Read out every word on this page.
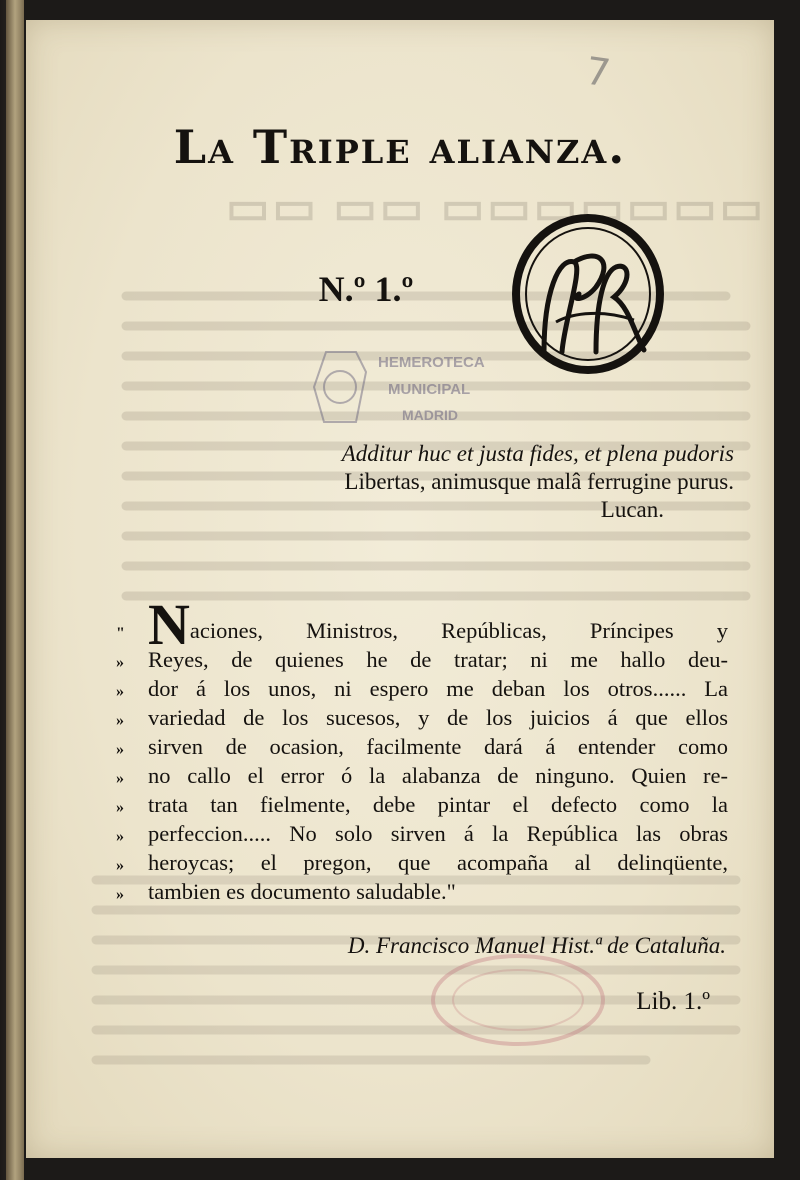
▭▭ ▭▭ ▭▭▭▭▭▭▭
7
La Triple alianza.
N.º 1.º
HEMEROTECA
MUNICIPAL
MADRID
Additur huc et justa fides, et plena pudoris
Libertas, animusque malâ ferrugine purus.
Lucan.
" Naciones, Ministros, Repúblicas, Príncipes y
»	Reyes, de quienes he de tratar; ni me hallo deu-
»	dor á los unos, ni espero me deban los otros...... La
»	variedad de los sucesos, y de los juicios á que ellos
»	sirven de ocasion, facilmente dará á entender como
»	no callo el error ó la alabanza de ninguno. Quien re-
»	trata tan fielmente, debe pintar el defecto como la
»	perfeccion..... No solo sirven á la República las obras
»	heroycas; el pregon, que acompaña al delinqüente,
»	tambien es documento saludable."
D. Francisco Manuel Hist.ª de Cataluña.
Lib. 1.º
